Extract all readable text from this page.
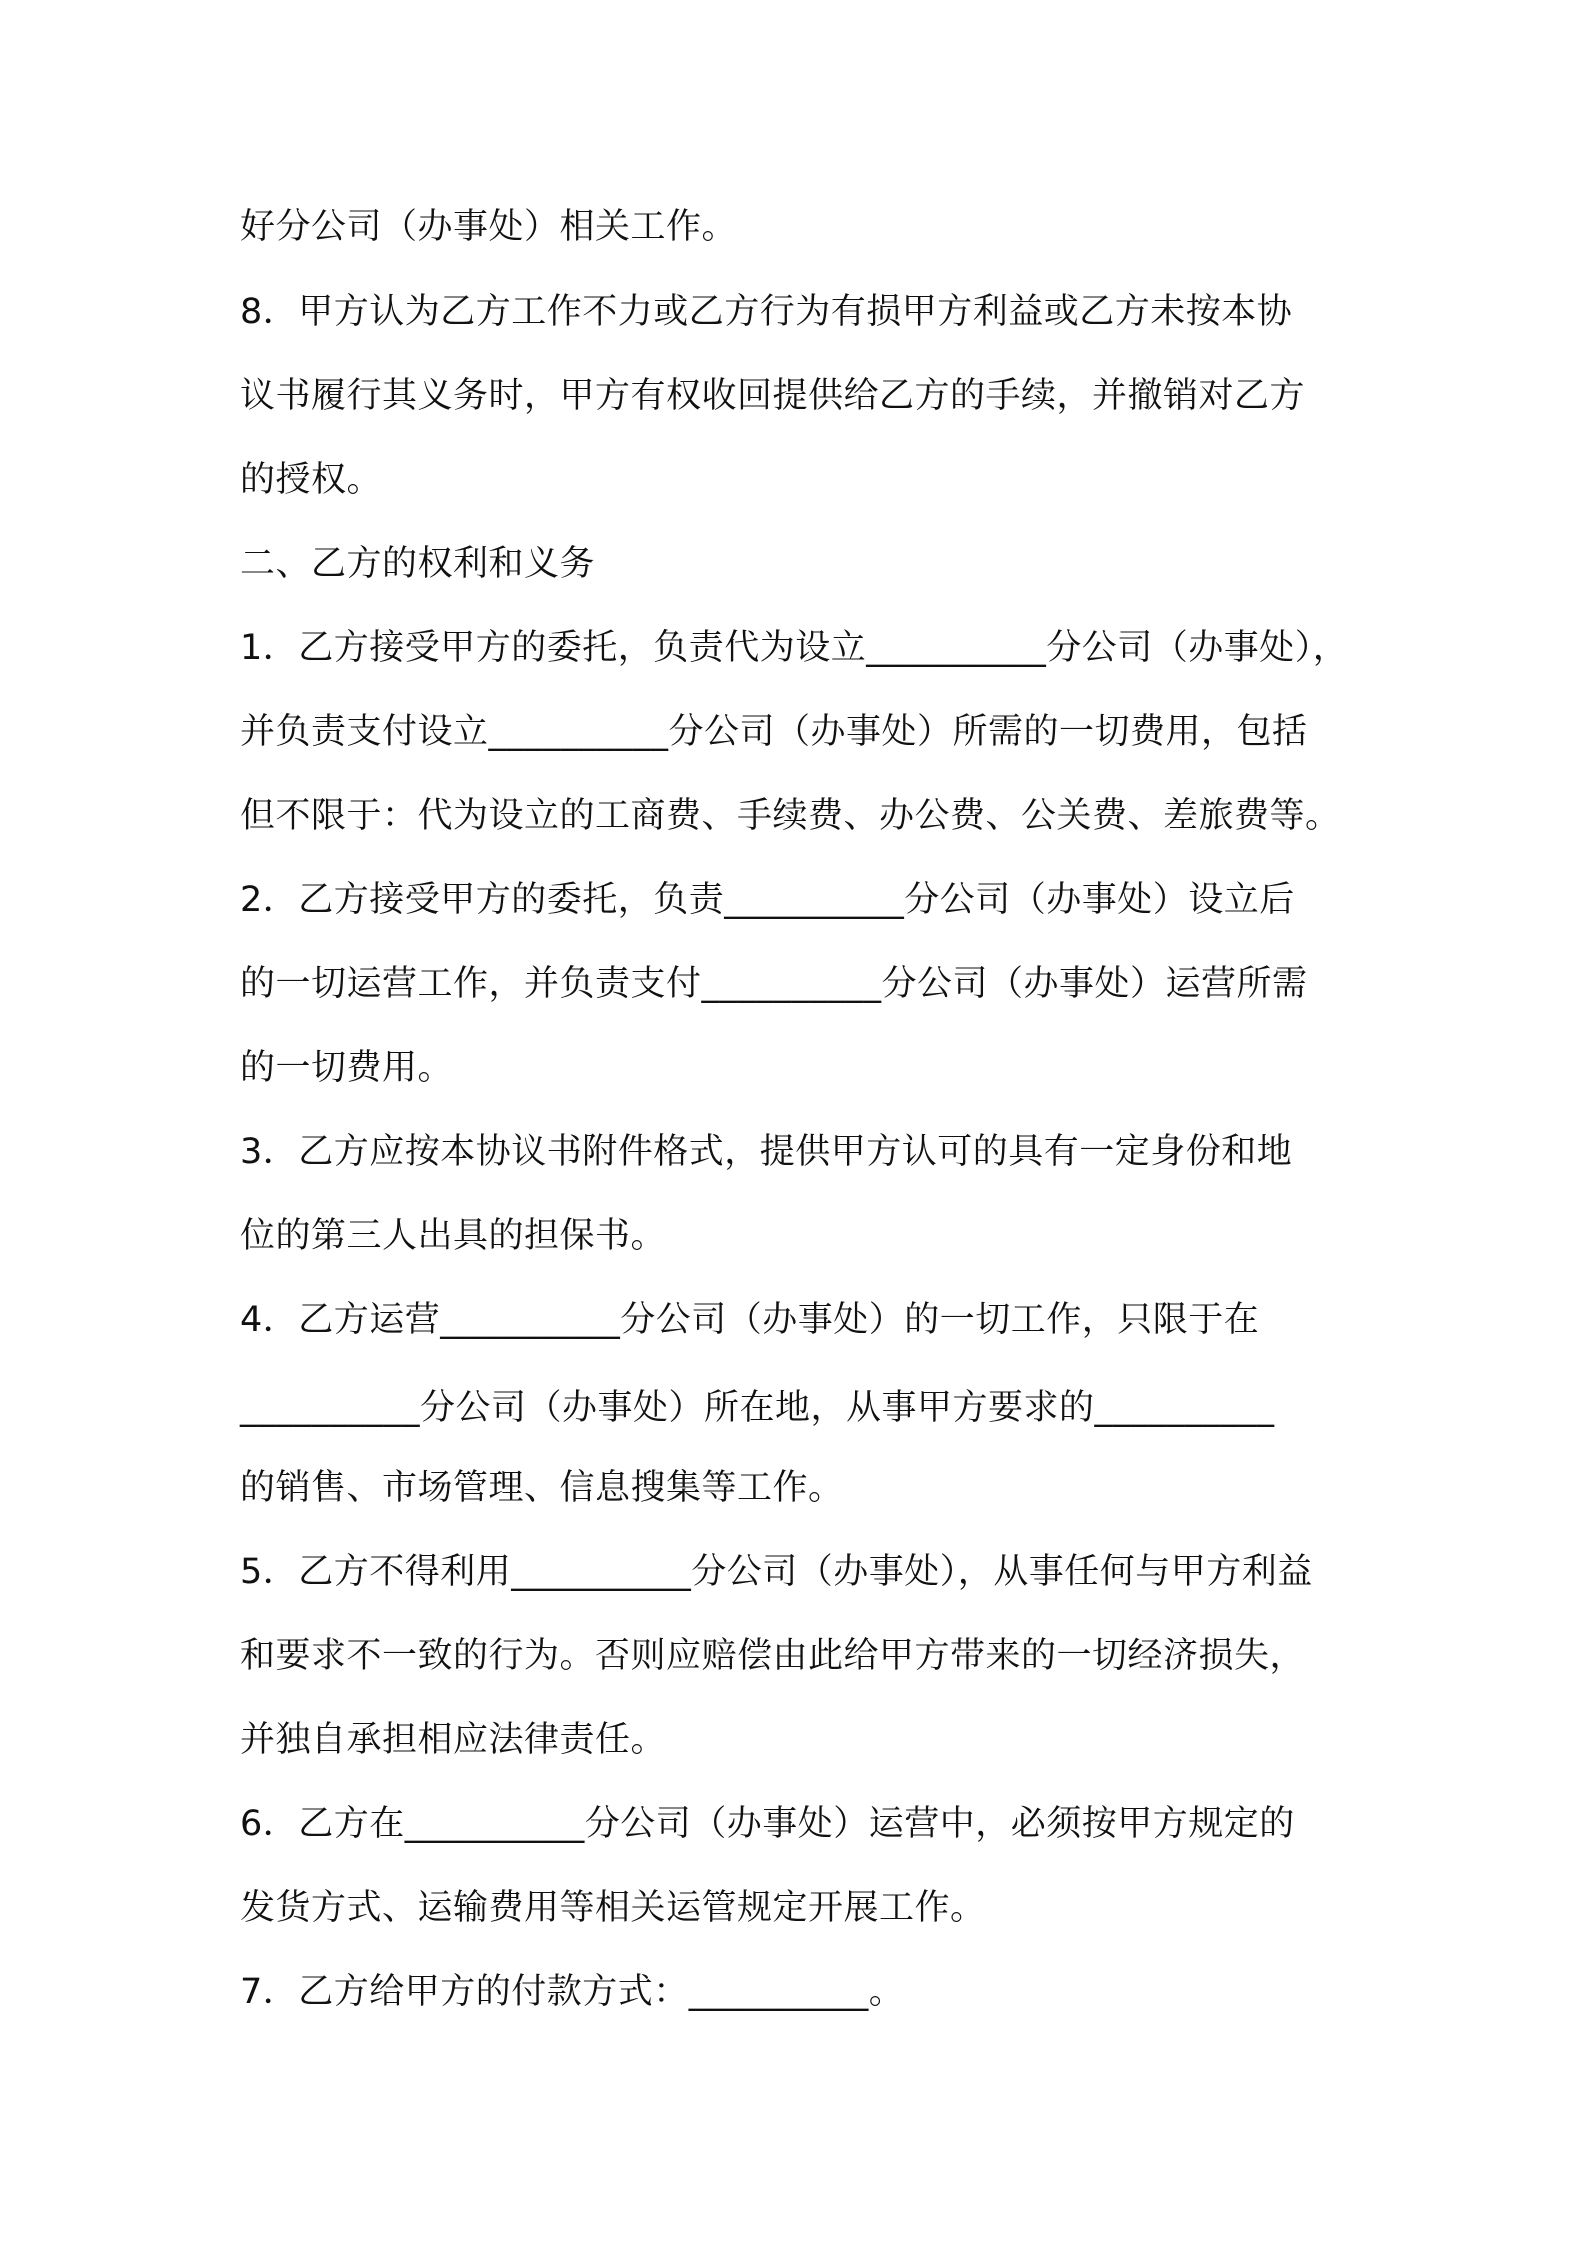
好分公司（办事处）相关工作。
8．甲方认为乙方工作不力或乙方行为有损甲方利益或乙方未按本协
议书履行其义务时，甲方有权收回提供给乙方的手续，并撤销对乙方
的授权。
二、乙方的权利和义务
1．乙方接受甲方的委托，负责代为设立__________分公司（办事处），
并负责支付设立__________分公司（办事处）所需的一切费用，包括
但不限于：代为设立的工商费、手续费、办公费、公关费、差旅费等。
2．乙方接受甲方的委托，负责__________分公司（办事处）设立后
的一切运营工作，并负责支付__________分公司（办事处）运营所需
的一切费用。
3．乙方应按本协议书附件格式，提供甲方认可的具有一定身份和地
位的第三人出具的担保书。
4．乙方运营__________分公司（办事处）的一切工作，只限于在
__________分公司（办事处）所在地，从事甲方要求的__________
的销售、市场管理、信息搜集等工作。
5．乙方不得利用__________分公司（办事处），从事任何与甲方利益
和要求不一致的行为。否则应赔偿由此给甲方带来的一切经济损失，
并独自承担相应法律责任。
6．乙方在__________分公司（办事处）运营中，必须按甲方规定的
发货方式、运输费用等相关运管规定开展工作。
7．乙方给甲方的付款方式：__________。
